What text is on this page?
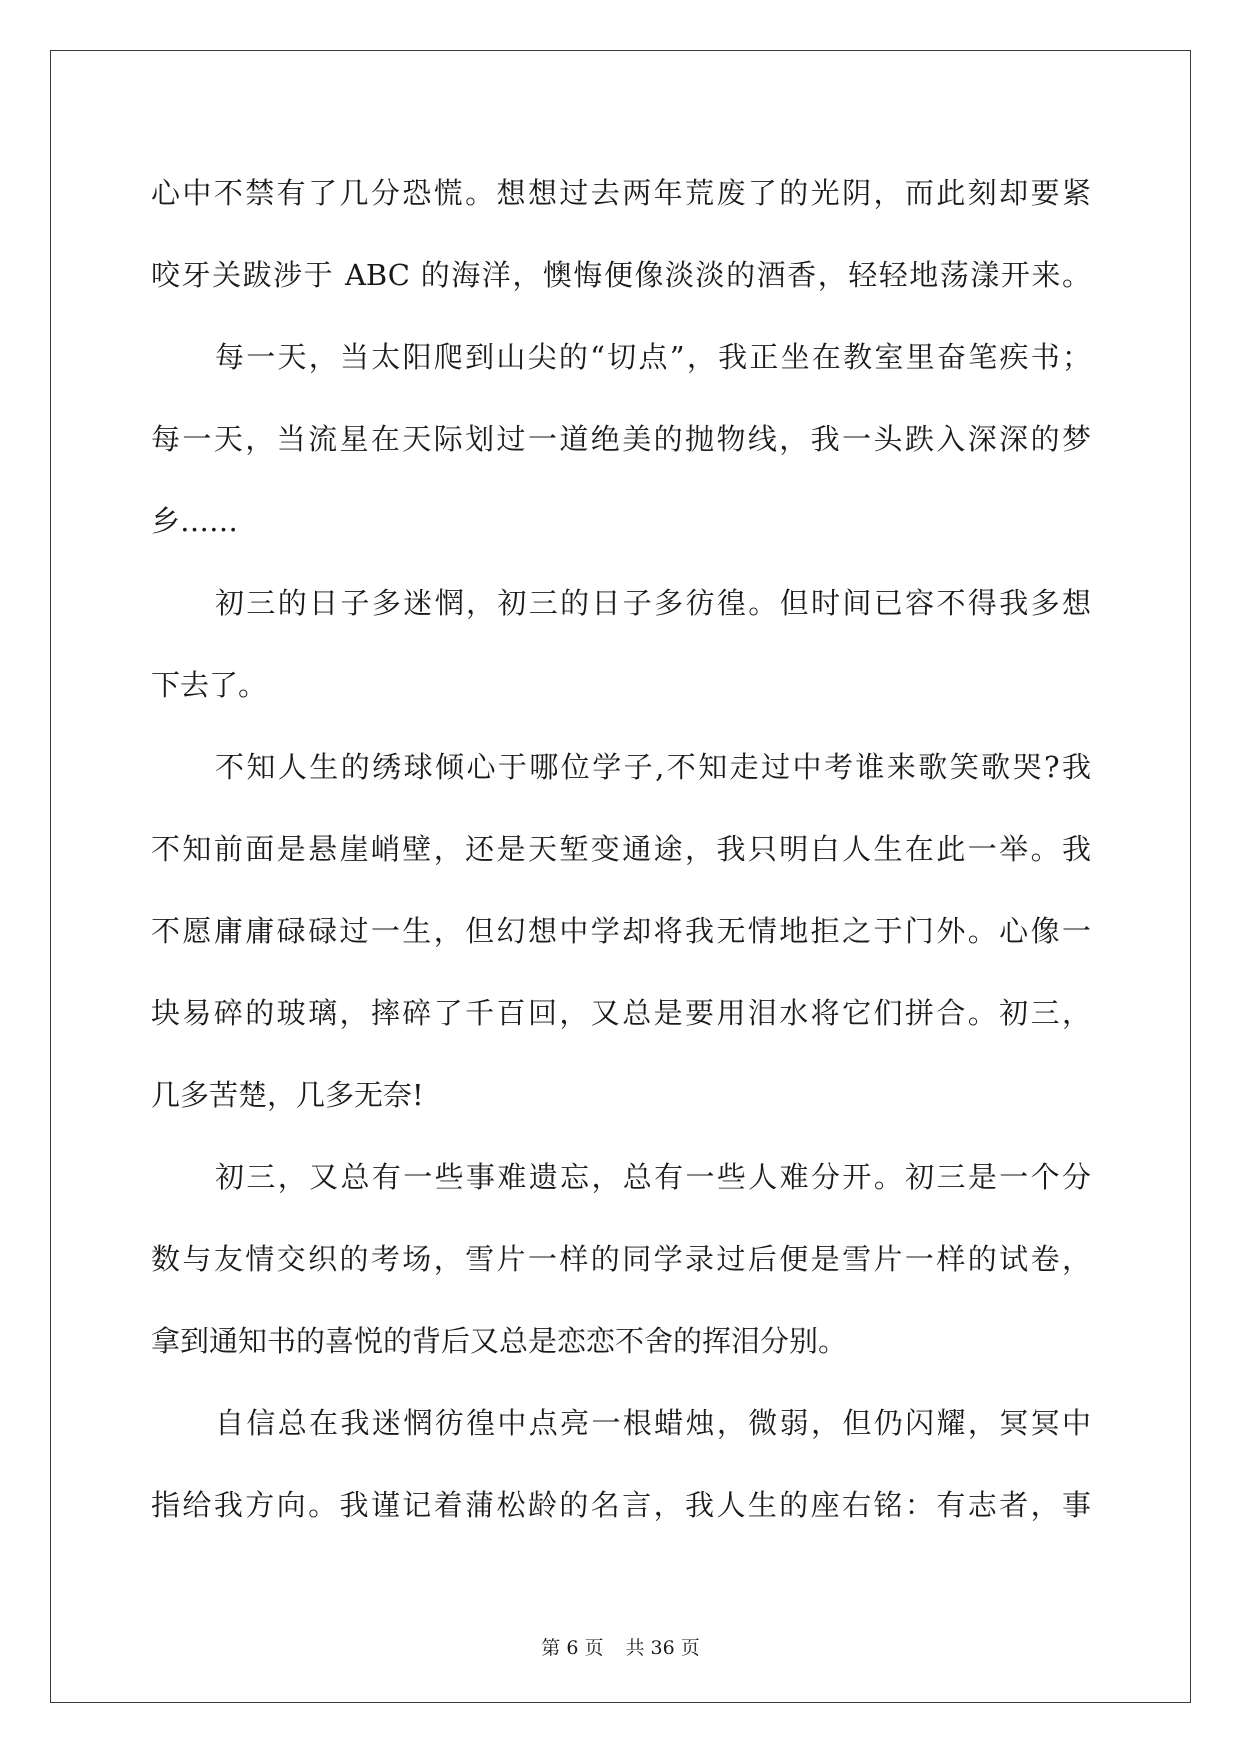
心中不禁有了几分恐慌。想想过去两年荒废了的光阴，而此刻却要紧
咬牙关跋涉于 ABC 的海洋，懊悔便像淡淡的酒香，轻轻地荡漾开来。
每一天，当太阳爬到山尖的“切点”，我正坐在教室里奋笔疾书；
每一天，当流星在天际划过一道绝美的抛物线，我一头跌入深深的梦
乡……
初三的日子多迷惘，初三的日子多彷徨。但时间已容不得我多想
下去了。
不知人生的绣球倾心于哪位学子,不知走过中考谁来歌笑歌哭?我
不知前面是悬崖峭壁，还是天堑变通途，我只明白人生在此一举。我
不愿庸庸碌碌过一生，但幻想中学却将我无情地拒之于门外。心像一
块易碎的玻璃，摔碎了千百回，又总是要用泪水将它们拼合。初三，
几多苦楚，几多无奈!
初三，又总有一些事难遗忘，总有一些人难分开。初三是一个分
数与友情交织的考场，雪片一样的同学录过后便是雪片一样的试卷，
拿到通知书的喜悦的背后又总是恋恋不舍的挥泪分别。
自信总在我迷惘彷徨中点亮一根蜡烛，微弱，但仍闪耀，冥冥中
指给我方向。我谨记着蒲松龄的名言，我人生的座右铭：有志者，事
第 6 页 共 36 页
